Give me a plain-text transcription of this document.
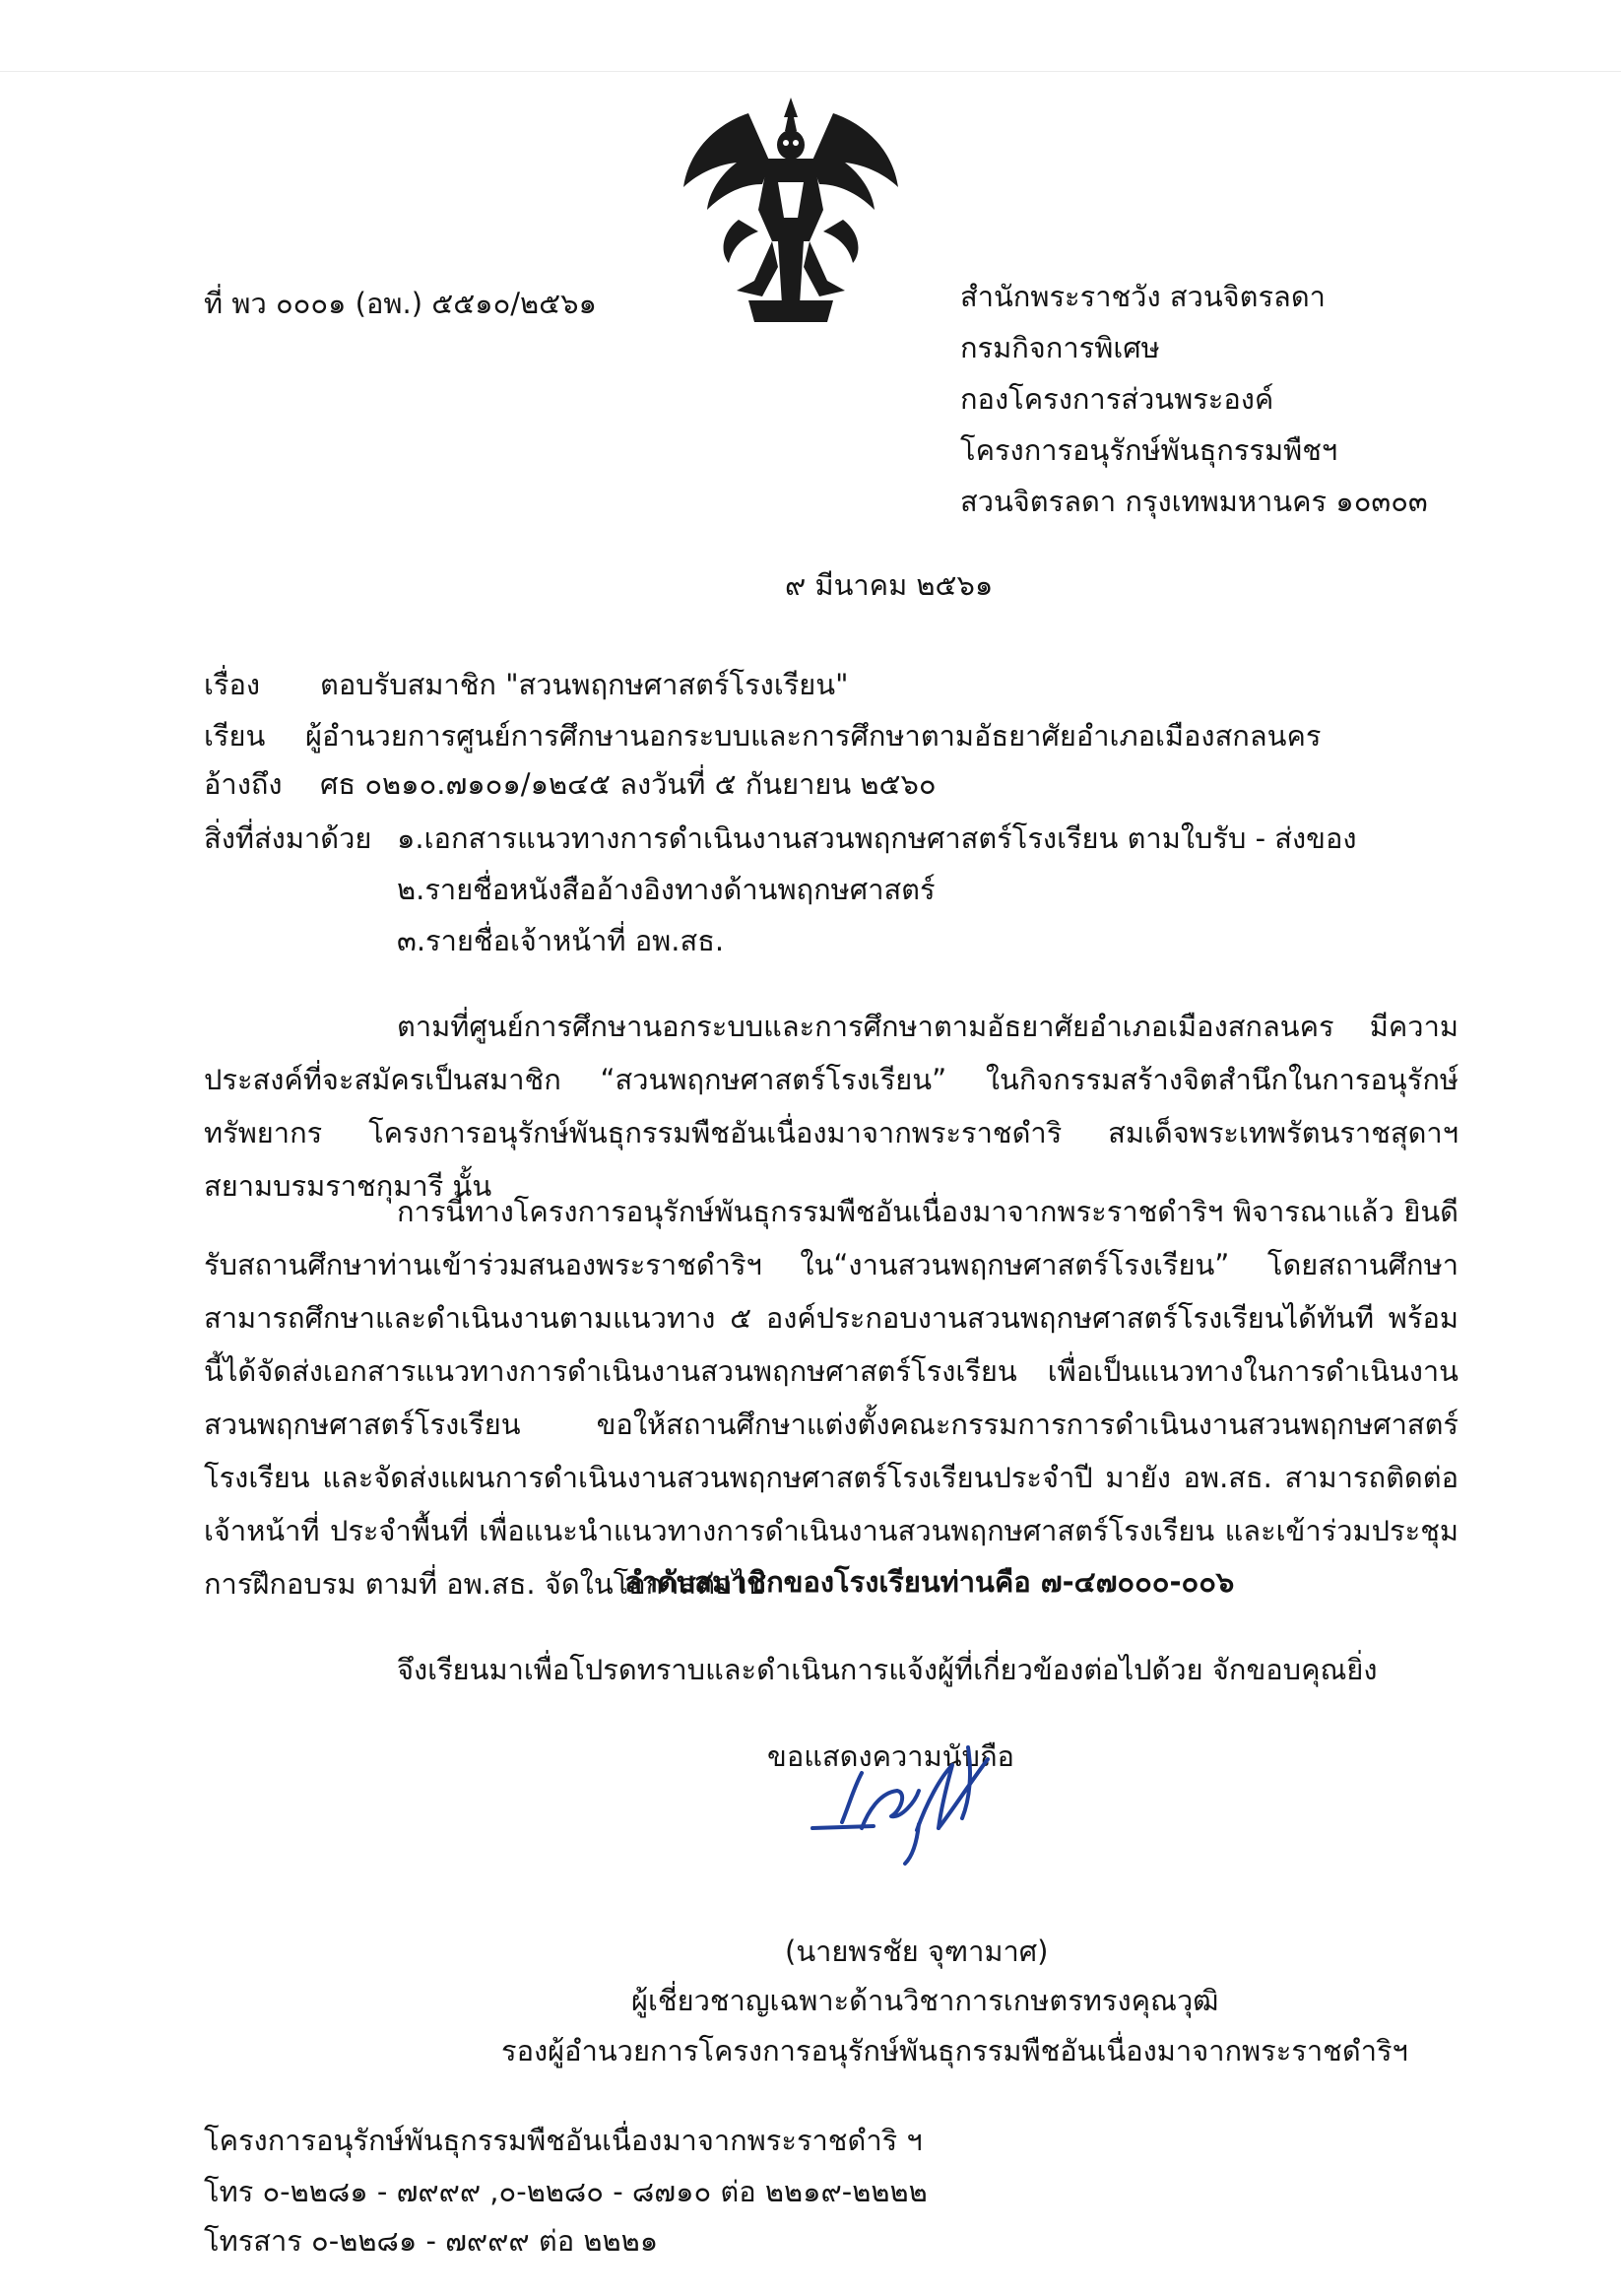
ที่ พว ๐๐๐๑ (อพ.) ๕๕๑๐/๒๕๖๑	สำนักพระราชวัง สวนจิตรลดา
กรมกิจการพิเศษ
กองโครงการส่วนพระองค์
โครงการอนุรักษ์พันธุกรรมพืชฯ
สวนจิตรลดา กรุงเทพมหานคร ๑๐๓๐๓
๙ มีนาคม ๒๕๖๑
เรื่อง ตอบรับสมาชิก "สวนพฤกษศาสตร์โรงเรียน"
เรียน ผู้อำนวยการศูนย์การศึกษานอกระบบและการศึกษาตามอัธยาศัยอำเภอเมืองสกลนคร
อ้างถึง ศธ ๐๒๑๐.๗๑๐๑/๑๒๔๕ ลงวันที่ ๕ กันยายน ๒๕๖๐
สิ่งที่ส่งมาด้วย ๑.เอกสารแนวทางการดำเนินงานสวนพฤกษศาสตร์โรงเรียน ตามใบรับ - ส่งของ
๒.รายชื่อหนังสืออ้างอิงทางด้านพฤกษศาสตร์
๓.รายชื่อเจ้าหน้าที่ อพ.สธ.
ตามที่ศูนย์การศึกษานอกระบบและการศึกษาตามอัธยาศัยอำเภอเมืองสกลนคร มีความประสงค์ที่จะสมัครเป็นสมาชิก “สวนพฤกษศาสตร์โรงเรียน” ในกิจกรรมสร้างจิตสำนึกในการอนุรักษ์ทรัพยากร โครงการอนุรักษ์พันธุกรรมพืชอันเนื่องมาจากพระราชดำริ สมเด็จพระเทพรัตนราชสุดาฯ สยามบรมราชกุมารี นั้น
การนี้ทางโครงการอนุรักษ์พันธุกรรมพืชอันเนื่องมาจากพระราชดำริฯ พิจารณาแล้ว ยินดีรับสถานศึกษาท่านเข้าร่วมสนองพระราชดำริฯ ใน“งานสวนพฤกษศาสตร์โรงเรียน” โดยสถานศึกษาสามารถศึกษาและดำเนินงานตามแนวทาง ๕ องค์ประกอบงานสวนพฤกษศาสตร์โรงเรียนได้ทันที พร้อมนี้ได้จัดส่งเอกสารแนวทางการดำเนินงานสวนพฤกษศาสตร์โรงเรียน เพื่อเป็นแนวทางในการดำเนินงานสวนพฤกษศาสตร์โรงเรียน ขอให้สถานศึกษาแต่งตั้งคณะกรรมการการดำเนินงานสวนพฤกษศาสตร์โรงเรียน และจัดส่งแผนการดำเนินงานสวนพฤกษศาสตร์โรงเรียนประจำปี มายัง อพ.สธ. สามารถติดต่อเจ้าหน้าที่ ประจำพื้นที่ เพื่อแนะนำแนวทางการดำเนินงานสวนพฤกษศาสตร์โรงเรียน และเข้าร่วมประชุม การฝึกอบรม ตามที่ อพ.สธ. จัดในโอกาสต่อไป
ลำดับสมาชิกของโรงเรียนท่านคือ ๗-๔๗๐๐๐-๐๐๖
จึงเรียนมาเพื่อโปรดทราบและดำเนินการแจ้งผู้ที่เกี่ยวข้องต่อไปด้วย จักขอบคุณยิ่ง
ขอแสดงความนับถือ
(นายพรชัย จุฑามาศ)
ผู้เชี่ยวชาญเฉพาะด้านวิชาการเกษตรทรงคุณวุฒิ
รองผู้อำนวยการโครงการอนุรักษ์พันธุกรรมพืชอันเนื่องมาจากพระราชดำริฯ
โครงการอนุรักษ์พันธุกรรมพืชอันเนื่องมาจากพระราชดำริ ฯ
โทร ๐-๒๒๘๑ - ๗๙๙๙ ,๐-๒๒๘๐ - ๘๗๑๐ ต่อ ๒๒๑๙-๒๒๒๒
โทรสาร ๐-๒๒๘๑ - ๗๙๙๙ ต่อ ๒๒๒๑
